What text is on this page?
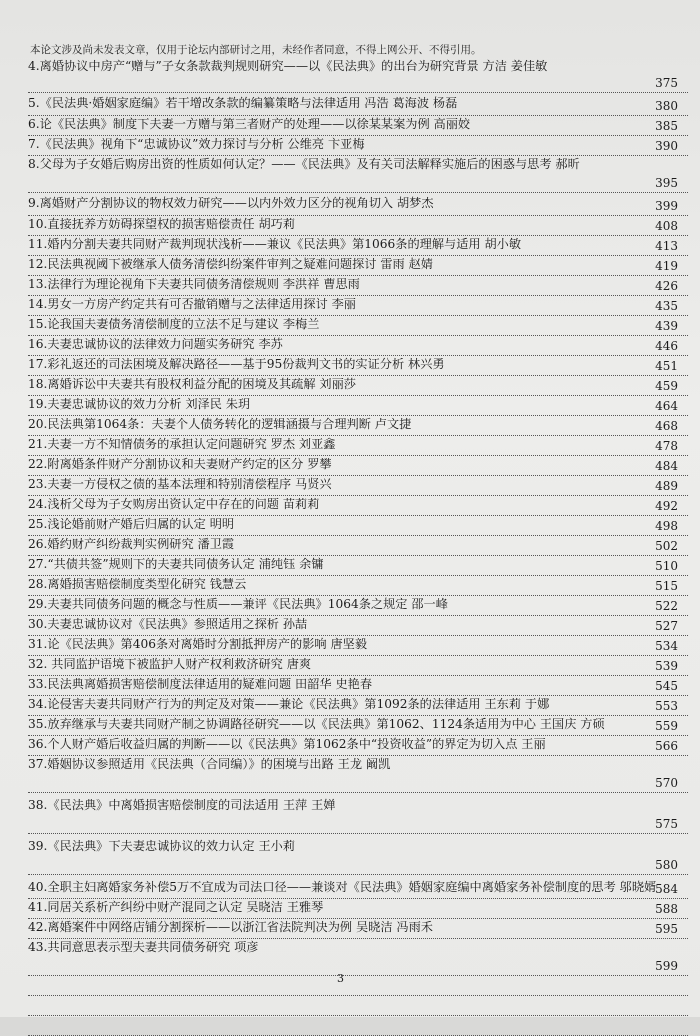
本论文涉及尚未发表文章，仅用于论坛内部研讨之用，未经作者同意，不得上网公开、不得引用。
4.离婚协议中房产“赠与”子女条款裁判规则研究——以《民法典》的出台为研究背景 方洁 姜佳敏
375
5.《民法典·婚姻家庭编》若干增改条款的编纂策略与法律适用 冯浩 葛海波 杨磊	380
6.论《民法典》制度下夫妻一方赠与第三者财产的处理——以徐某某案为例 高丽姣	385
7.《民法典》视角下“忠诚协议”效力探讨与分析 公维亮 卞亚梅	390
8.父母为子女婚后购房出资的性质如何认定？——《民法典》及有关司法解释实施后的困惑与思考 郝昕
395
9.离婚财产分割协议的物权效力研究——以内外效力区分的视角切入 胡梦杰	399
10.直接抚养方妨碍探望权的损害赔偿责任 胡巧莉	408
11.婚内分割夫妻共同财产裁判现状浅析——兼议《民法典》第1066条的理解与适用 胡小敏	413
12.民法典视阈下被继承人债务清偿纠纷案件审判之疑难问题探讨 雷雨 赵婧	419
13.法律行为理论视角下夫妻共同债务清偿规则 李洪祥 曹思雨	426
14.男女一方房产约定共有可否撤销赠与之法律适用探讨 李丽	435
15.论我国夫妻债务清偿制度的立法不足与建议 李梅兰	439
16.夫妻忠诚协议的法律效力问题实务研究 李苏	446
17.彩礼返还的司法困境及解决路径——基于95份裁判文书的实证分析 林兴勇	451
18.离婚诉讼中夫妻共有股权利益分配的困境及其疏解 刘丽莎	459
19.夫妻忠诚协议的效力分析 刘泽民 朱玥	464
20.民法典第1064条：夫妻个人债务转化的逻辑涵摄与合理判断 卢文捷	468
21.夫妻一方不知情债务的承担认定问题研究 罗杰 刘亚鑫	478
22.附离婚条件财产分割协议和夫妻财产约定的区分 罗攀	484
23.夫妻一方侵权之债的基本法理和特别清偿程序 马贤兴	489
24.浅析父母为子女购房出资认定中存在的问题 苗莉莉	492
25.浅论婚前财产婚后归属的认定 明明	498
26.婚约财产纠纷裁判实例研究 潘卫霞	502
27.“共债共签”规则下的夫妻共同债务认定 浦纯钰 余镛	510
28.离婚损害赔偿制度类型化研究 钱慧云	515
29.夫妻共同债务问题的概念与性质——兼评《民法典》1064条之规定 邵一峰	522
30.夫妻忠诚协议对《民法典》参照适用之探析 孙喆	527
31.论《民法典》第406条对离婚时分割抵押房产的影响 唐坚毅	534
32. 共同监护语境下被监护人财产权利救济研究 唐爽	539
33.民法典离婚损害赔偿制度法律适用的疑难问题 田韶华 史艳春	545
34.论侵害夫妻共同财产行为的判定及对策——兼论《民法典》第1092条的法律适用 王东莉 于娜	553
35.放弃继承与夫妻共同财产制之协调路径研究——以《民法典》第1062、1124条适用为中心 王国庆 方硕	559
36.个人财产婚后收益归属的判断——以《民法典》第1062条中“投资收益”的界定为切入点 王丽	566
37.婚姻协议参照适用《民法典（合同编）》的困境与出路 王龙 阚凯
570
38.《民法典》中离婚损害赔偿制度的司法适用 王萍 王婵
575
39.《民法典》下夫妻忠诚协议的效力认定 王小莉
580
40.全职主妇离婚家务补偿5万不宜成为司法口径——兼谈对《民法典》婚姻家庭编中离婚家务补偿制度的思考 邬晓婿
584
41.同居关系析产纠纷中财产混同之认定 吴晓洁 王雅琴	588
42.离婚案件中网络店铺分割探析——以浙江省法院判决为例 吴晓洁 冯雨禾	595
43.共同意思表示型夫妻共同债务研究 项彦
599
3
